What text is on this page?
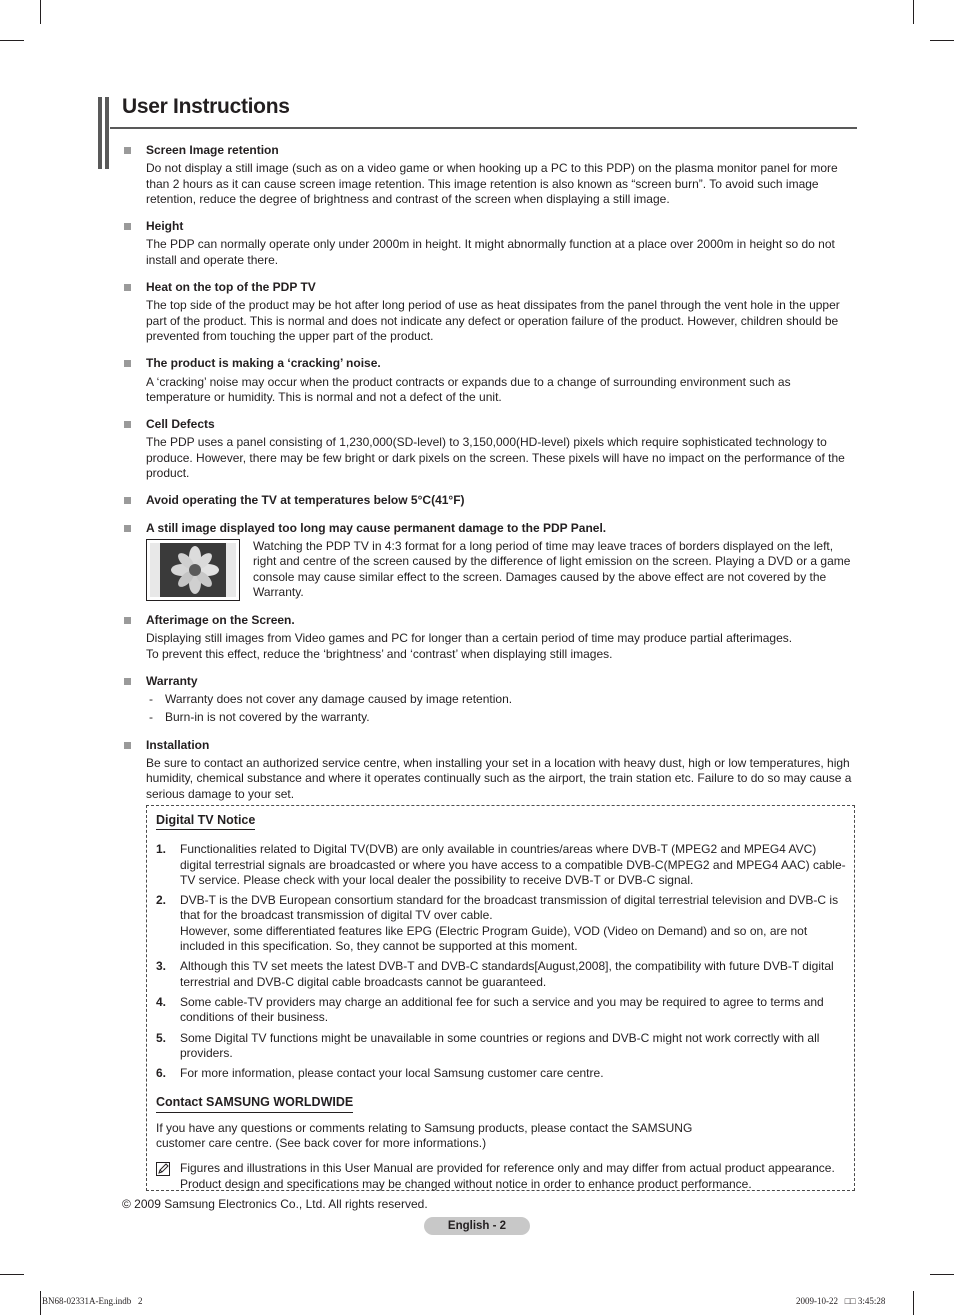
User Instructions
Screen Image retention
Do not display a still image (such as on a video game or when hooking up a PC to this PDP) on the plasma monitor panel for more than 2 hours as it can cause screen image retention. This image retention is also known as “screen burn”. To avoid such image retention, reduce the degree of brightness and contrast of the screen when displaying a still image.
Height
The PDP can normally operate only under 2000m in height. It might abnormally function at a place over 2000m in height so do not install and operate there.
Heat on the top of the PDP TV
The top side of the product may be hot after long period of use as heat dissipates from the panel through the vent hole in the upper part of the product. This is normal and does not indicate any defect or operation failure of the product. However, children should be prevented from touching the upper part of the product.
The product is making a ‘cracking’ noise.
A ‘cracking’ noise may occur when the product contracts or expands due to a change of surrounding environment such as temperature or humidity. This is normal and not a defect of the unit.
Cell Defects
The PDP uses a panel consisting of 1,230,000(SD-level) to 3,150,000(HD-level) pixels which require sophisticated technology to produce. However, there may be few bright or dark pixels on the screen. These pixels will have no impact on the performance of the product.
Avoid operating the TV at temperatures below 5°C(41°F)
A still image displayed too long may cause permanent damage to the PDP Panel.
Watching the PDP TV in 4:3 format for a long period of time may leave traces of borders displayed on the left, right and centre of the screen caused by the difference of light emission on the screen. Playing a DVD or a game console may cause similar effect to the screen. Damages caused by the above effect are not covered by the Warranty.
Afterimage on the Screen.
Displaying still images from Video games and PC for longer than a certain period of time may produce partial afterimages.
To prevent this effect, reduce the ‘brightness’ and ‘contrast’ when displaying still images.
Warranty
- Warranty does not cover any damage caused by image retention.
- Burn-in is not covered by the warranty.
Installation
Be sure to contact an authorized service centre, when installing your set in a location with heavy dust, high or low temperatures, high humidity, chemical substance and where it operates continually such as the airport, the train station etc. Failure to do so may cause a serious damage to your set.
Digital TV Notice
1. Functionalities related to Digital TV(DVB) are only available in countries/areas where DVB-T (MPEG2 and MPEG4 AVC) digital terrestrial signals are broadcasted or where you have access to a compatible DVB-C(MPEG2 and MPEG4 AAC) cable-TV service. Please check with your local dealer the possibility to receive DVB-T or DVB-C signal.
2. DVB-T is the DVB European consortium standard for the broadcast transmission of digital terrestrial television and DVB-C is that for the broadcast transmission of digital TV over cable.
However, some differentiated features like EPG (Electric Program Guide), VOD (Video on Demand) and so on, are not included in this specification. So, they cannot be supported at this moment.
3. Although this TV set meets the latest DVB-T and DVB-C standards[August,2008], the compatibility with future DVB-T digital terrestrial and DVB-C digital cable broadcasts cannot be guaranteed.
4. Some cable-TV providers may charge an additional fee for such a service and you may be required to agree to terms and conditions of their business.
5. Some Digital TV functions might be unavailable in some countries or regions and DVB-C might not work correctly with all providers.
6. For more information, please contact your local Samsung customer care centre.
Contact SAMSUNG WORLDWIDE
If you have any questions or comments relating to Samsung products, please contact the SAMSUNG
customer care centre. (See back cover for more informations.)
Figures and illustrations in this User Manual are provided for reference only and may differ from actual product appearance. Product design and specifications may be changed without notice in order to enhance product performance.
© 2009 Samsung Electronics Co., Ltd. All rights reserved.
English - 2
BN68-02331A-Eng.indb   2	2009-10-22   □□ 3:45:28
